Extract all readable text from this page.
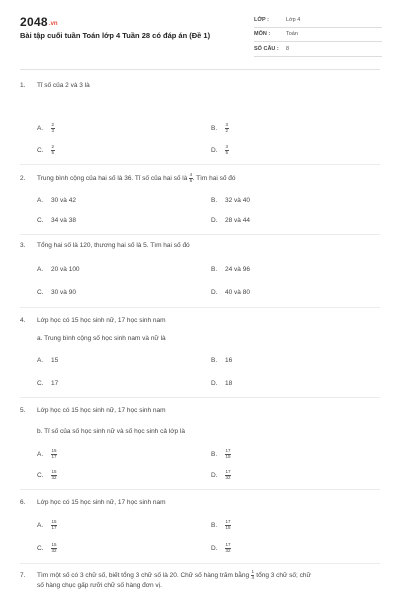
2048.vn
Bài tập cuối tuần Toán lớp 4 Tuần 28 có đáp án (Đề 1)
LỚP :	Lớp 4
MÔN :	Toán
SỐ CÂU :	8
1. Tỉ số của 2 và 3 là
A. $\frac{2}{3}$	B. $\frac{3}{2}$
C. $\frac{2}{5}$	D. $\frac{3}{5}$
2. Trung bình cộng của hai số là 36. Tỉ số của hai số là $\frac{4}{5}$ . Tìm hai số đó
A. 30 và 42	B. 32 và 40
C. 34 và 38	D. 28 và 44
3. Tổng hai số là 120, thương hai số là 5. Tìm hai số đó
A. 20 và 100	B. 24 và 96
C. 30 và 90	D. 40 và 80
4. Lớp học có 15 học sinh nữ, 17 học sinh nam
a. Trung bình cộng số học sinh nam và nữ là
A. 15	B. 16
C. 17	D. 18
5. Lớp học có 15 học sinh nữ, 17 học sinh nam
b. Tỉ số của số học sinh nữ và số học sinh cả lớp là
A. $\frac{15}{17}$	B. $\frac{17}{15}$
C. $\frac{15}{32}$	D. $\frac{17}{32}$
6. Lớp học có 15 học sinh nữ, 17 học sinh nam
A. $\frac{15}{17}$	B. $\frac{17}{15}$
C. $\frac{15}{32}$	D. $\frac{17}{32}$
7. Tìm một số có 3 chữ số, biết tổng 3 chữ số là 20. Chữ số hàng trăm bằng $\frac{1}{4}$ tổng 3 chữ số; chữ
số hàng chục gấp rưỡi chữ số hàng đơn vị.
